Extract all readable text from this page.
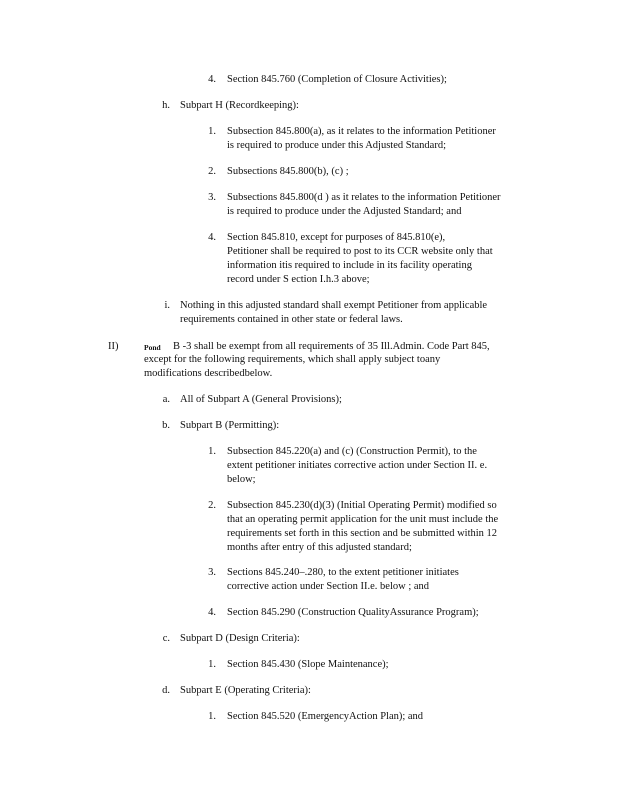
4. Section 845.760 (Completion of Closure Activities);
h. Subpart H (Recordkeeping):
1. Subsection 845.800(a), as it relates to the information Petitioner
is required to produce under this Adjusted Standard;
2. Subsections 845.800(b), (c) ;
3. Subsections 845.800(d ) as it relates to the information Petitioner
is required to produce under the Adjusted Standard; and
4. Section 845.810, except for purposes of 845.810(e),
Petitioner shall be required to post to its CCR website only that
information itis required to include in its facility operating
record under S ection I.h.3 above;
i. Nothing in this adjusted standard shall exempt Petitioner from applicable
requirements contained in other state or federal laws.
II)	Pond B -3 shall be exempt from all requirements of 35 Ill.Admin. Code Part 845,
except for the following requirements, which shall apply subject toany
modifications describedbelow.
a. All of Subpart A (General Provisions);
b. Subpart B (Permitting):
1. Subsection 845.220(a) and (c) (Construction Permit), to the
extent petitioner initiates corrective action under Section II. e.
below;
2. Subsection 845.230(d)(3) (Initial Operating Permit) modified so
that an operating permit application for the unit must include the
requirements set forth in this section and be submitted within 12
months after entry of this adjusted standard;
3. Sections 845.240–.280, to the extent petitioner initiates
corrective action under Section II.e. below ; and
4. Section 845.290 (Construction QualityAssurance Program);
c. Subpart D (Design Criteria):
1. Section 845.430 (Slope Maintenance);
d. Subpart E (Operating Criteria):
1. Section 845.520 (EmergencyAction Plan); and
